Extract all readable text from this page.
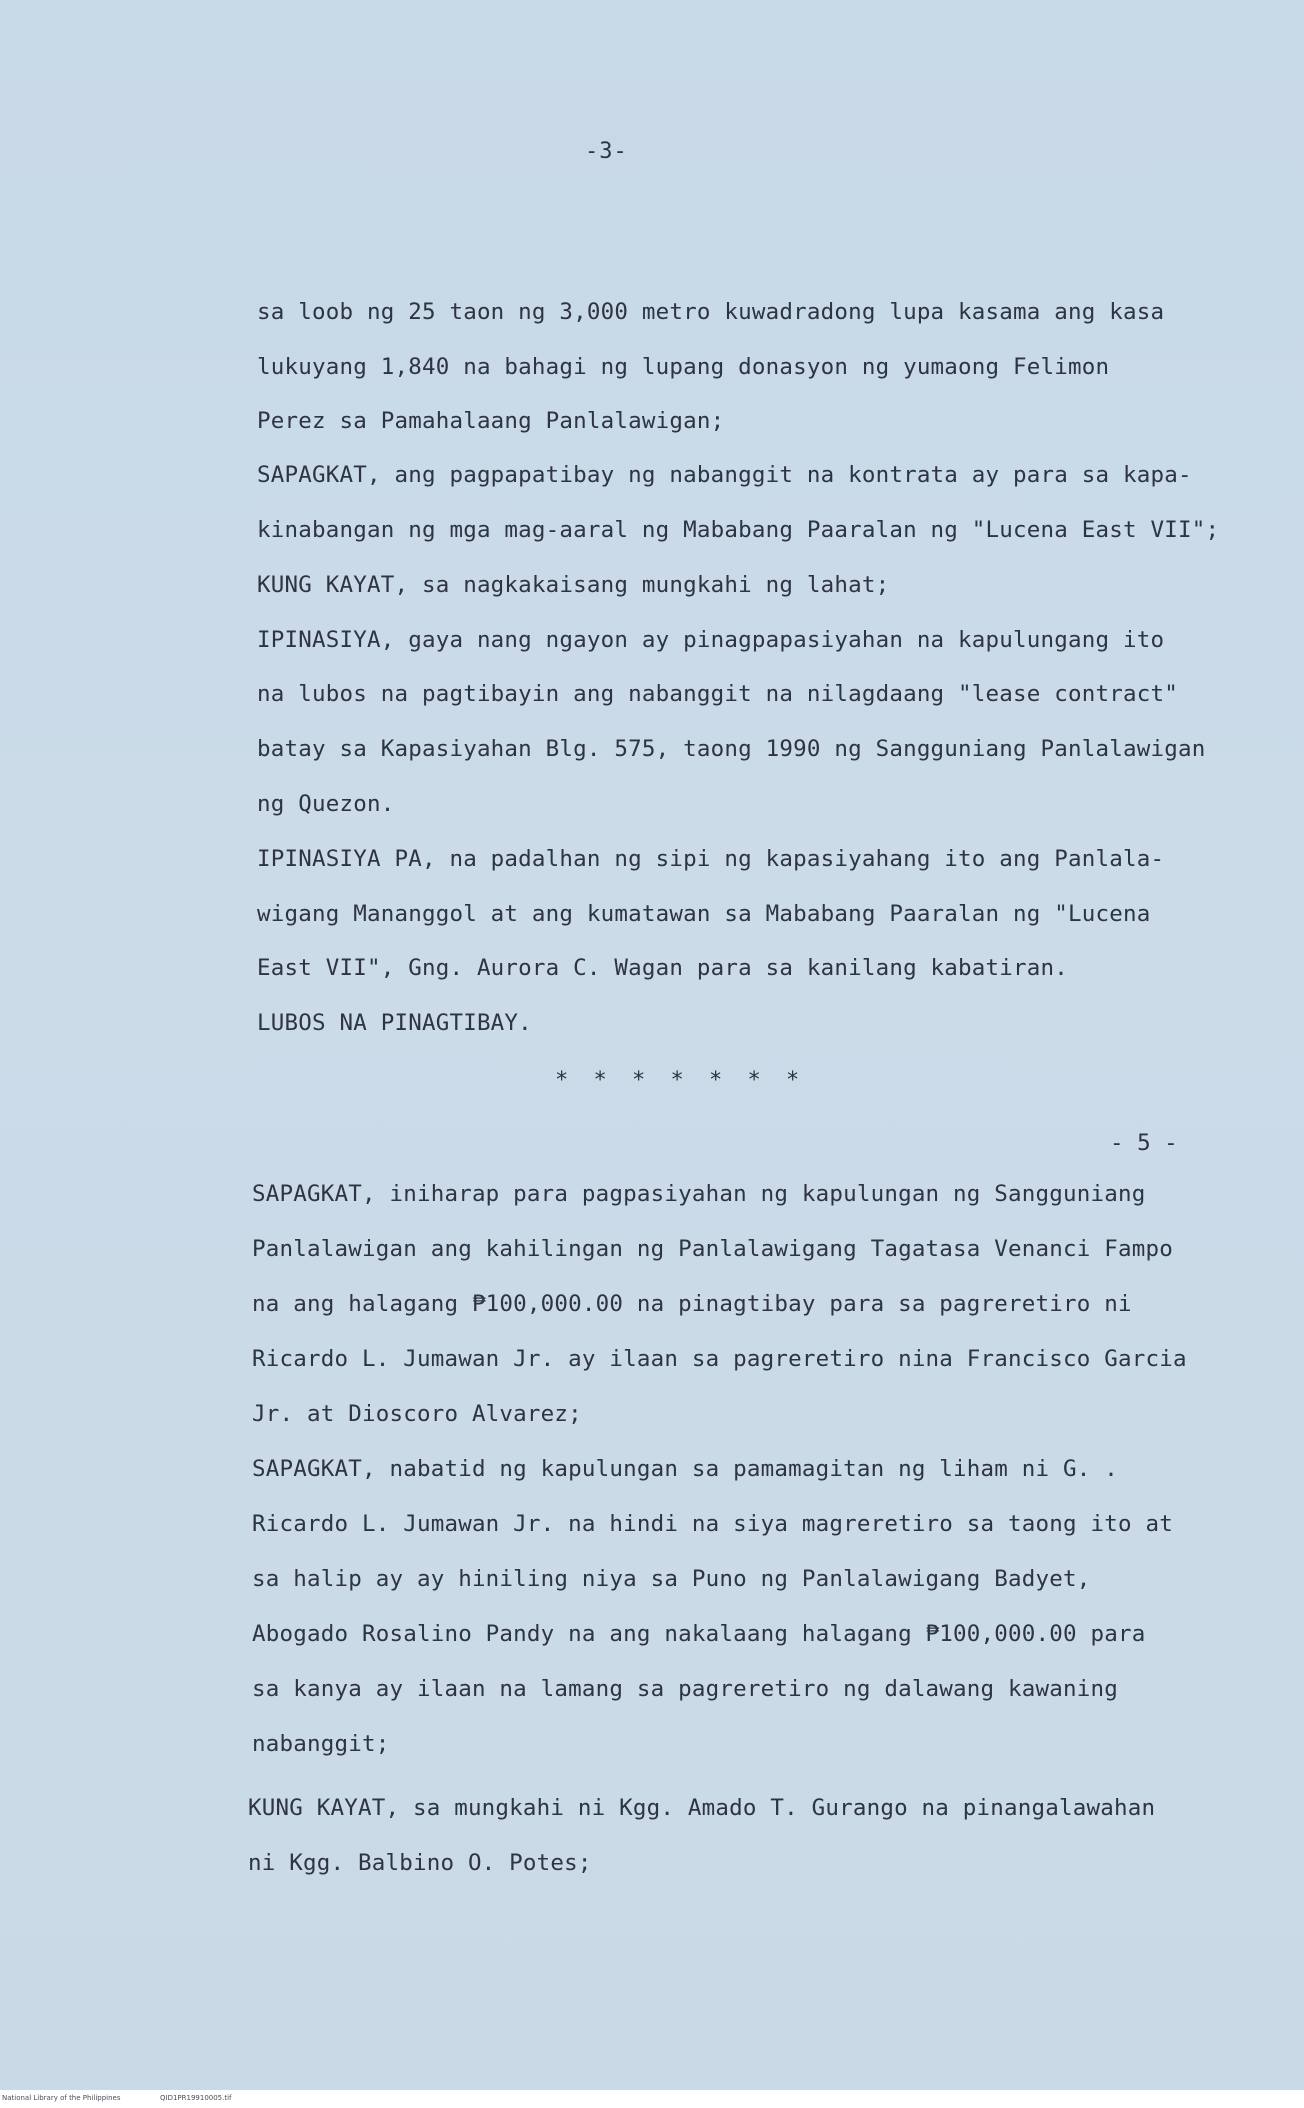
-3-
sa loob ng 25 taon ng 3,000 metro kuwadradong lupa kasama ang kasa
lukuyang 1,840 na bahagi ng lupang donasyon ng yumaong Felimon
Perez sa Pamahalaang Panlalawigan;
SAPAGKAT, ang pagpapatibay ng nabanggit na kontrata ay para sa kapa-
kinabangan ng mga mag-aaral ng Mababang Paaralan ng "Lucena East VII";
KUNG KAYAT, sa nagkakaisang mungkahi ng lahat;
IPINASIYA, gaya nang ngayon ay pinagpapasiyahan na kapulungang ito
na lubos na pagtibayin ang nabanggit na nilagdaang "lease contract"
batay sa Kapasiyahan Blg. 575, taong 1990 ng Sangguniang Panlalawigan
ng Quezon.
IPINASIYA PA, na padalhan ng sipi ng kapasiyahang ito ang Panlala-
wigang Mananggol at ang kumatawan sa Mababang Paaralan ng "Lucena
East VII", Gng. Aurora C. Wagan para sa kanilang kabatiran.
LUBOS NA PINAGTIBAY.
* * * * * * *
- 5 -
SAPAGKAT, iniharap para pagpasiyahan ng kapulungan ng Sangguniang
Panlalawigan ang kahilingan ng Panlalawigang Tagatasa Venanci Fampo
na ang halagang ₱100,000.00 na pinagtibay para sa pagreretiro ni
Ricardo L. Jumawan Jr. ay ilaan sa pagreretiro nina Francisco Garcia
Jr. at Dioscoro Alvarez;
SAPAGKAT, nabatid ng kapulungan sa pamamagitan ng liham ni G. .
Ricardo L. Jumawan Jr. na hindi na siya magreretiro sa taong ito at
sa halip ay ay hiniling niya sa Puno ng Panlalawigang Badyet,
Abogado Rosalino Pandy na ang nakalaang halagang ₱100,000.00 para
sa kanya ay ilaan na lamang sa pagreretiro ng dalawang kawaning
nabanggit;
KUNG KAYAT, sa mungkahi ni Kgg. Amado T. Gurango na pinangalawahan
ni Kgg. Balbino O. Potes;
National Library of the Philippines	QID1PR19910005.tif
